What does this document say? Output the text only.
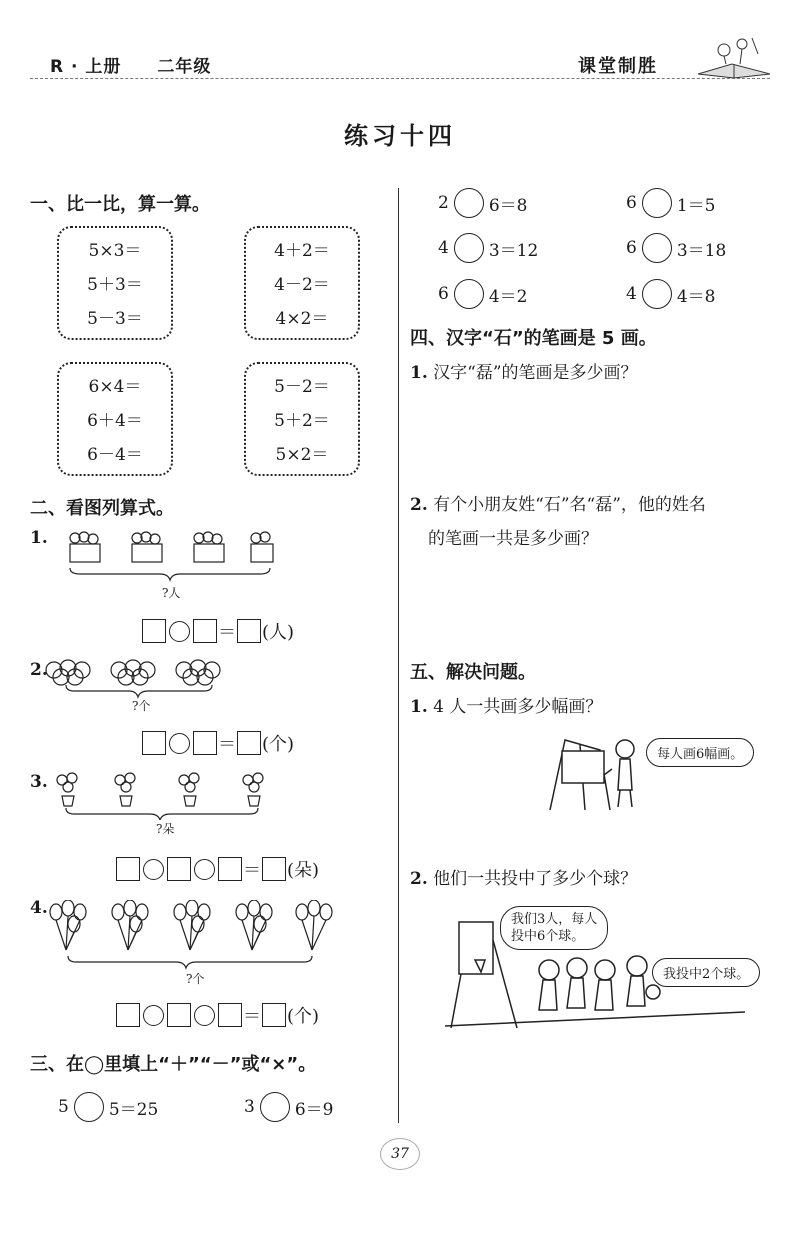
R · 上册　　二年级	课堂制胜
练习十四
一、比一比，算一算。
5×3＝
5＋3＝
5－3＝
4＋2＝
4－2＝
4×2＝
6×4＝
6＋4＝
6－4＝
5－2＝
5＋2＝
5×2＝
二、看图列算式。
1.
?人
＝ (人)
2.
?个
＝ (个)
3.
?朵
＝ (朵)
4.
?个
＝ (个)
三、在◯里填上“＋”“－”或“×”。
5 5＝25	3 6＝9
2 6＝8	6 1＝5
4 3＝12	6 3＝18
6 4＝2	4 4＝8
四、汉字“石”的笔画是 5 画。
1. 汉字“磊”的笔画是多少画？
2. 有个小朋友姓“石”名“磊”，他的姓名
的笔画一共是多少画？
五、解决问题。
1. 4 人一共画多少幅画？
每人画6幅画。
2. 他们一共投中了多少个球？
我们3人，每人
投中6个球。
我投中2个球。
37
